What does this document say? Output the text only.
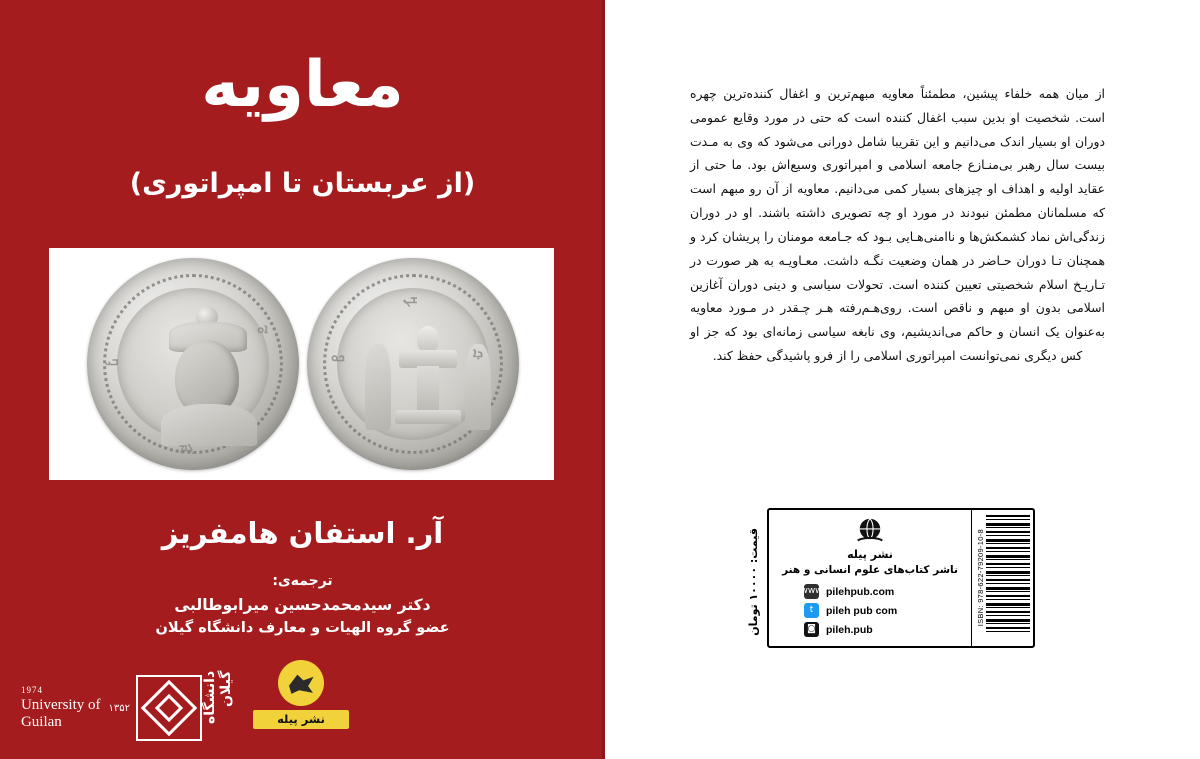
از میان همه خلفاء پیشین، مطمئناً معاویه مبهم‌ترین و اغفال کننده‌ترین چهره است. شخصیت او بدین سبب اغفال کننده است که حتی در مورد وقایع عمومی دوران او بسیار اندک می‌دانیم و این تقریبا شامل دورانی می‌شود که وی به مـدت بیست سال رهبر بی‌منـازع جامعه اسلامی و امپراتوری وسیع‌اش بود. ما حتی از عقاید اولیه و اهداف او چیزهای بسیار کمی می‌دانیم. معاویه از آن رو مبهم است که مسلمانان مطمئن نبودند در مورد او چه تصویری داشته باشند. او در دوران زندگی‌اش نماد کشمکش‌ها و ناامنی‌هـایی بـود که جـامعه مومنان را پریشان کرد و همچنان تـا دوران حـاضر در همان وضعیت نگـه داشت. معـاویـه به هر صورت در تـاریـخ اسلام شخصیتی تعیین کننده است. تحولات سیاسی و دینی دوران آغازین اسلامی بدون او مبهم و ناقص است. روی‌هـم‌رفته هـر چـقدر در مـورد معاویه به‌عنوان یک انسان و حاکم می‌اندیشیم، وی نابغه سیاسی زمانه‌ای بود که جز او کس دیگری نمی‌توانست امپراتوری اسلامی را از فرو پاشیدگی حفظ کند.
نشر پیله
ناشر کتاب‌های علوم انسانی و هنر
www pilehpub.com
t	pileh pub com
◙ pileh.pub
ISBN: 978-622-79209-10-8
قیمت: ۱۰۰۰۰ تومان
معاویه
(از عربستان تا امپراتوری)
ܒܝ
ܐܘ
ܓܡ
ܟܘ	ܕܐ
ܫܢ
آر. استفان هامفریز
ترجمه‌ی:
دکتر سیدمحمدحسین میرابوطالبی
عضو گروه الهیات و معارف دانشگاه گیلان
نشر پیله
دانشگاه گیلان
۱۳۵۲
1974
University of
Guilan
